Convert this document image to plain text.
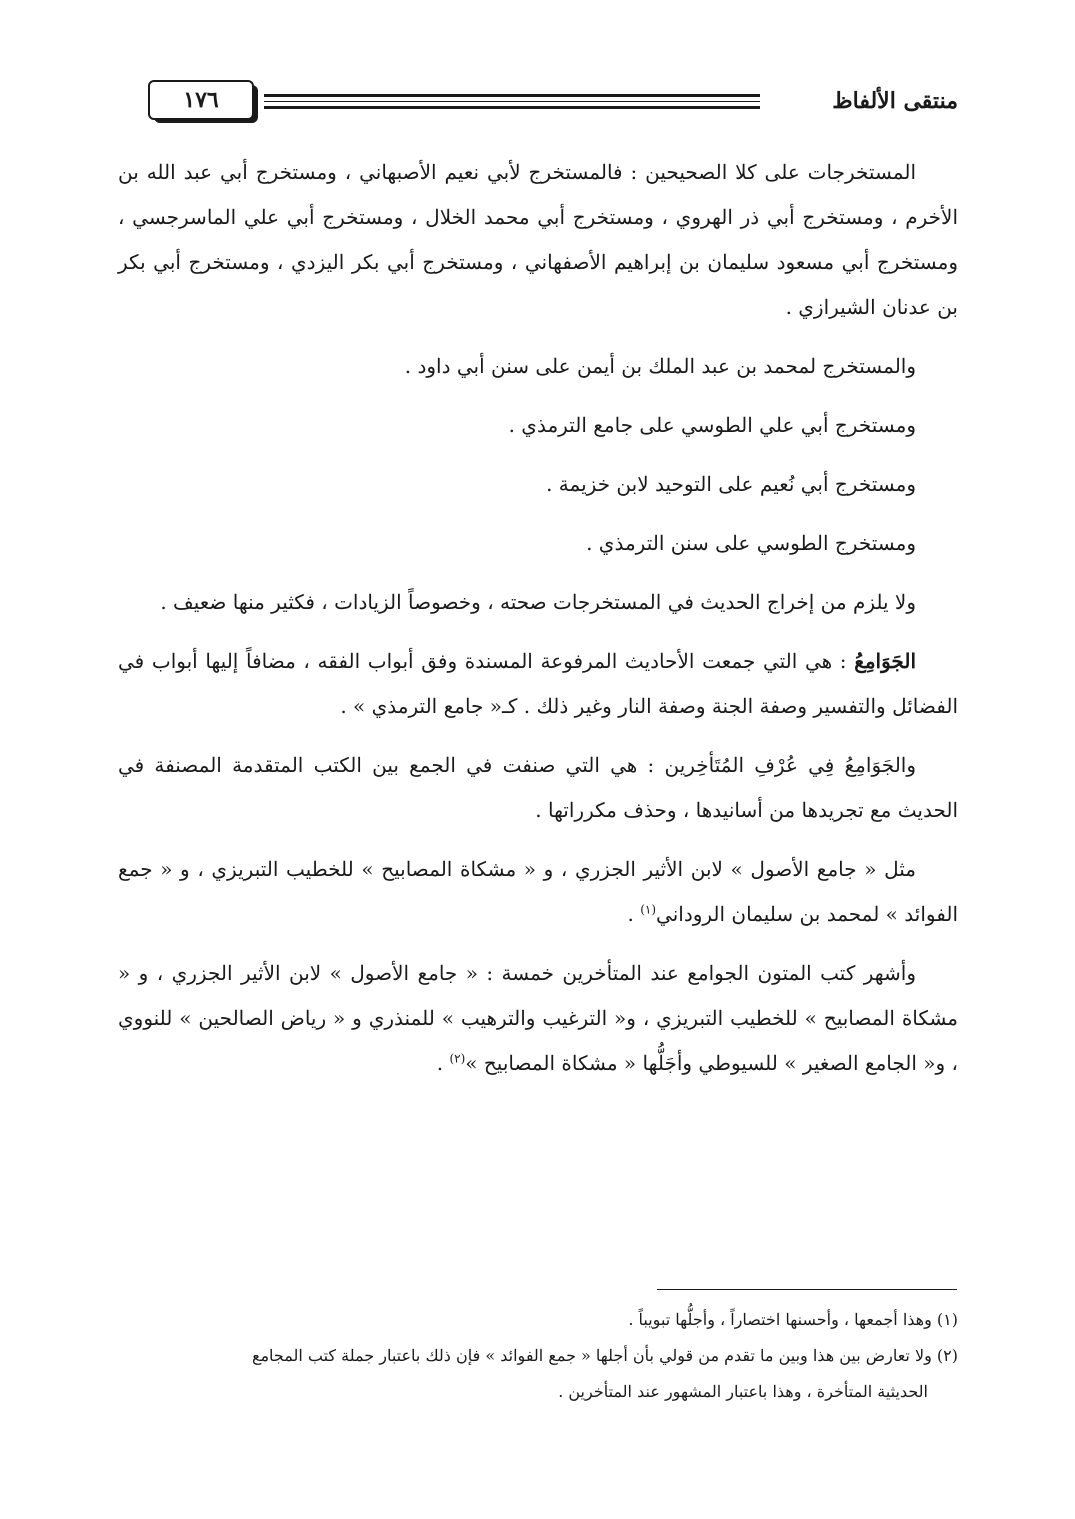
١٧٦	منتقى الألفاظ

المستخرجات على كلا الصحيحين : فالمستخرج لأبي نعيم الأصبهاني ، ومستخرج أبي عبد الله بن الأخرم ، ومستخرج أبي ذر الهروي ، ومستخرج أبي محمد الخلال ، ومستخرج أبي علي الماسرجسي ، ومستخرج أبي مسعود سليمان بن إبراهيم الأصفهاني ، ومستخرج أبي بكر اليزدي ، ومستخرج أبي بكر بن عدنان الشيرازي .

والمستخرج لمحمد بن عبد الملك بن أيمن على سنن أبي داود .

ومستخرج أبي علي الطوسي على جامع الترمذي .

ومستخرج أبي نُعيم على التوحيد لابن خزيمة .

ومستخرج الطوسي على سنن الترمذي .

ولا يلزم من إخراج الحديث في المستخرجات صحته ، وخصوصاً الزيادات ، فكثير منها ضعيف .

الجَوَامِعُ : هي التي جمعت الأحاديث المرفوعة المسندة وفق أبواب الفقه ، مضافاً إليها أبواب في الفضائل والتفسير وصفة الجنة وصفة النار وغير ذلك . كـ« جامع الترمذي » .

والجَوَامِعُ فِي عُرْفِ المُتَأخِرين : هي التي صنفت في الجمع بين الكتب المتقدمة المصنفة في الحديث مع تجريدها من أسانيدها ، وحذف مكرراتها .

مثل « جامع الأصول » لابن الأثير الجزري ، و « مشكاة المصابيح » للخطيب التبريزي ، و « جمع الفوائد » لمحمد بن سليمان الروداني$^{(١)}$ .

وأشهر كتب المتون الجوامع عند المتأخرين خمسة : « جامع الأصول » لابن الأثير الجزري ، و « مشكاة المصابيح » للخطيب التبريزي ، و« الترغيب والترهيب » للمنذري و « رياض الصالحين » للنووي ، و« الجامع الصغير » للسيوطي وأجَلُّها « مشكاة المصابيح »$^{(٢)}$ .

(١) وهذا أجمعها ، وأحسنها اختصاراً ، وأجلُّها تبويباً .

(٢) ولا تعارض بين هذا وبين ما تقدم من قولي بأن أجلها « جمع الفوائد » فإن ذلك باعتبار جملة كتب المجامع

الحديثية المتأخرة ، وهذا باعتبار المشهور عند المتأخرين .
